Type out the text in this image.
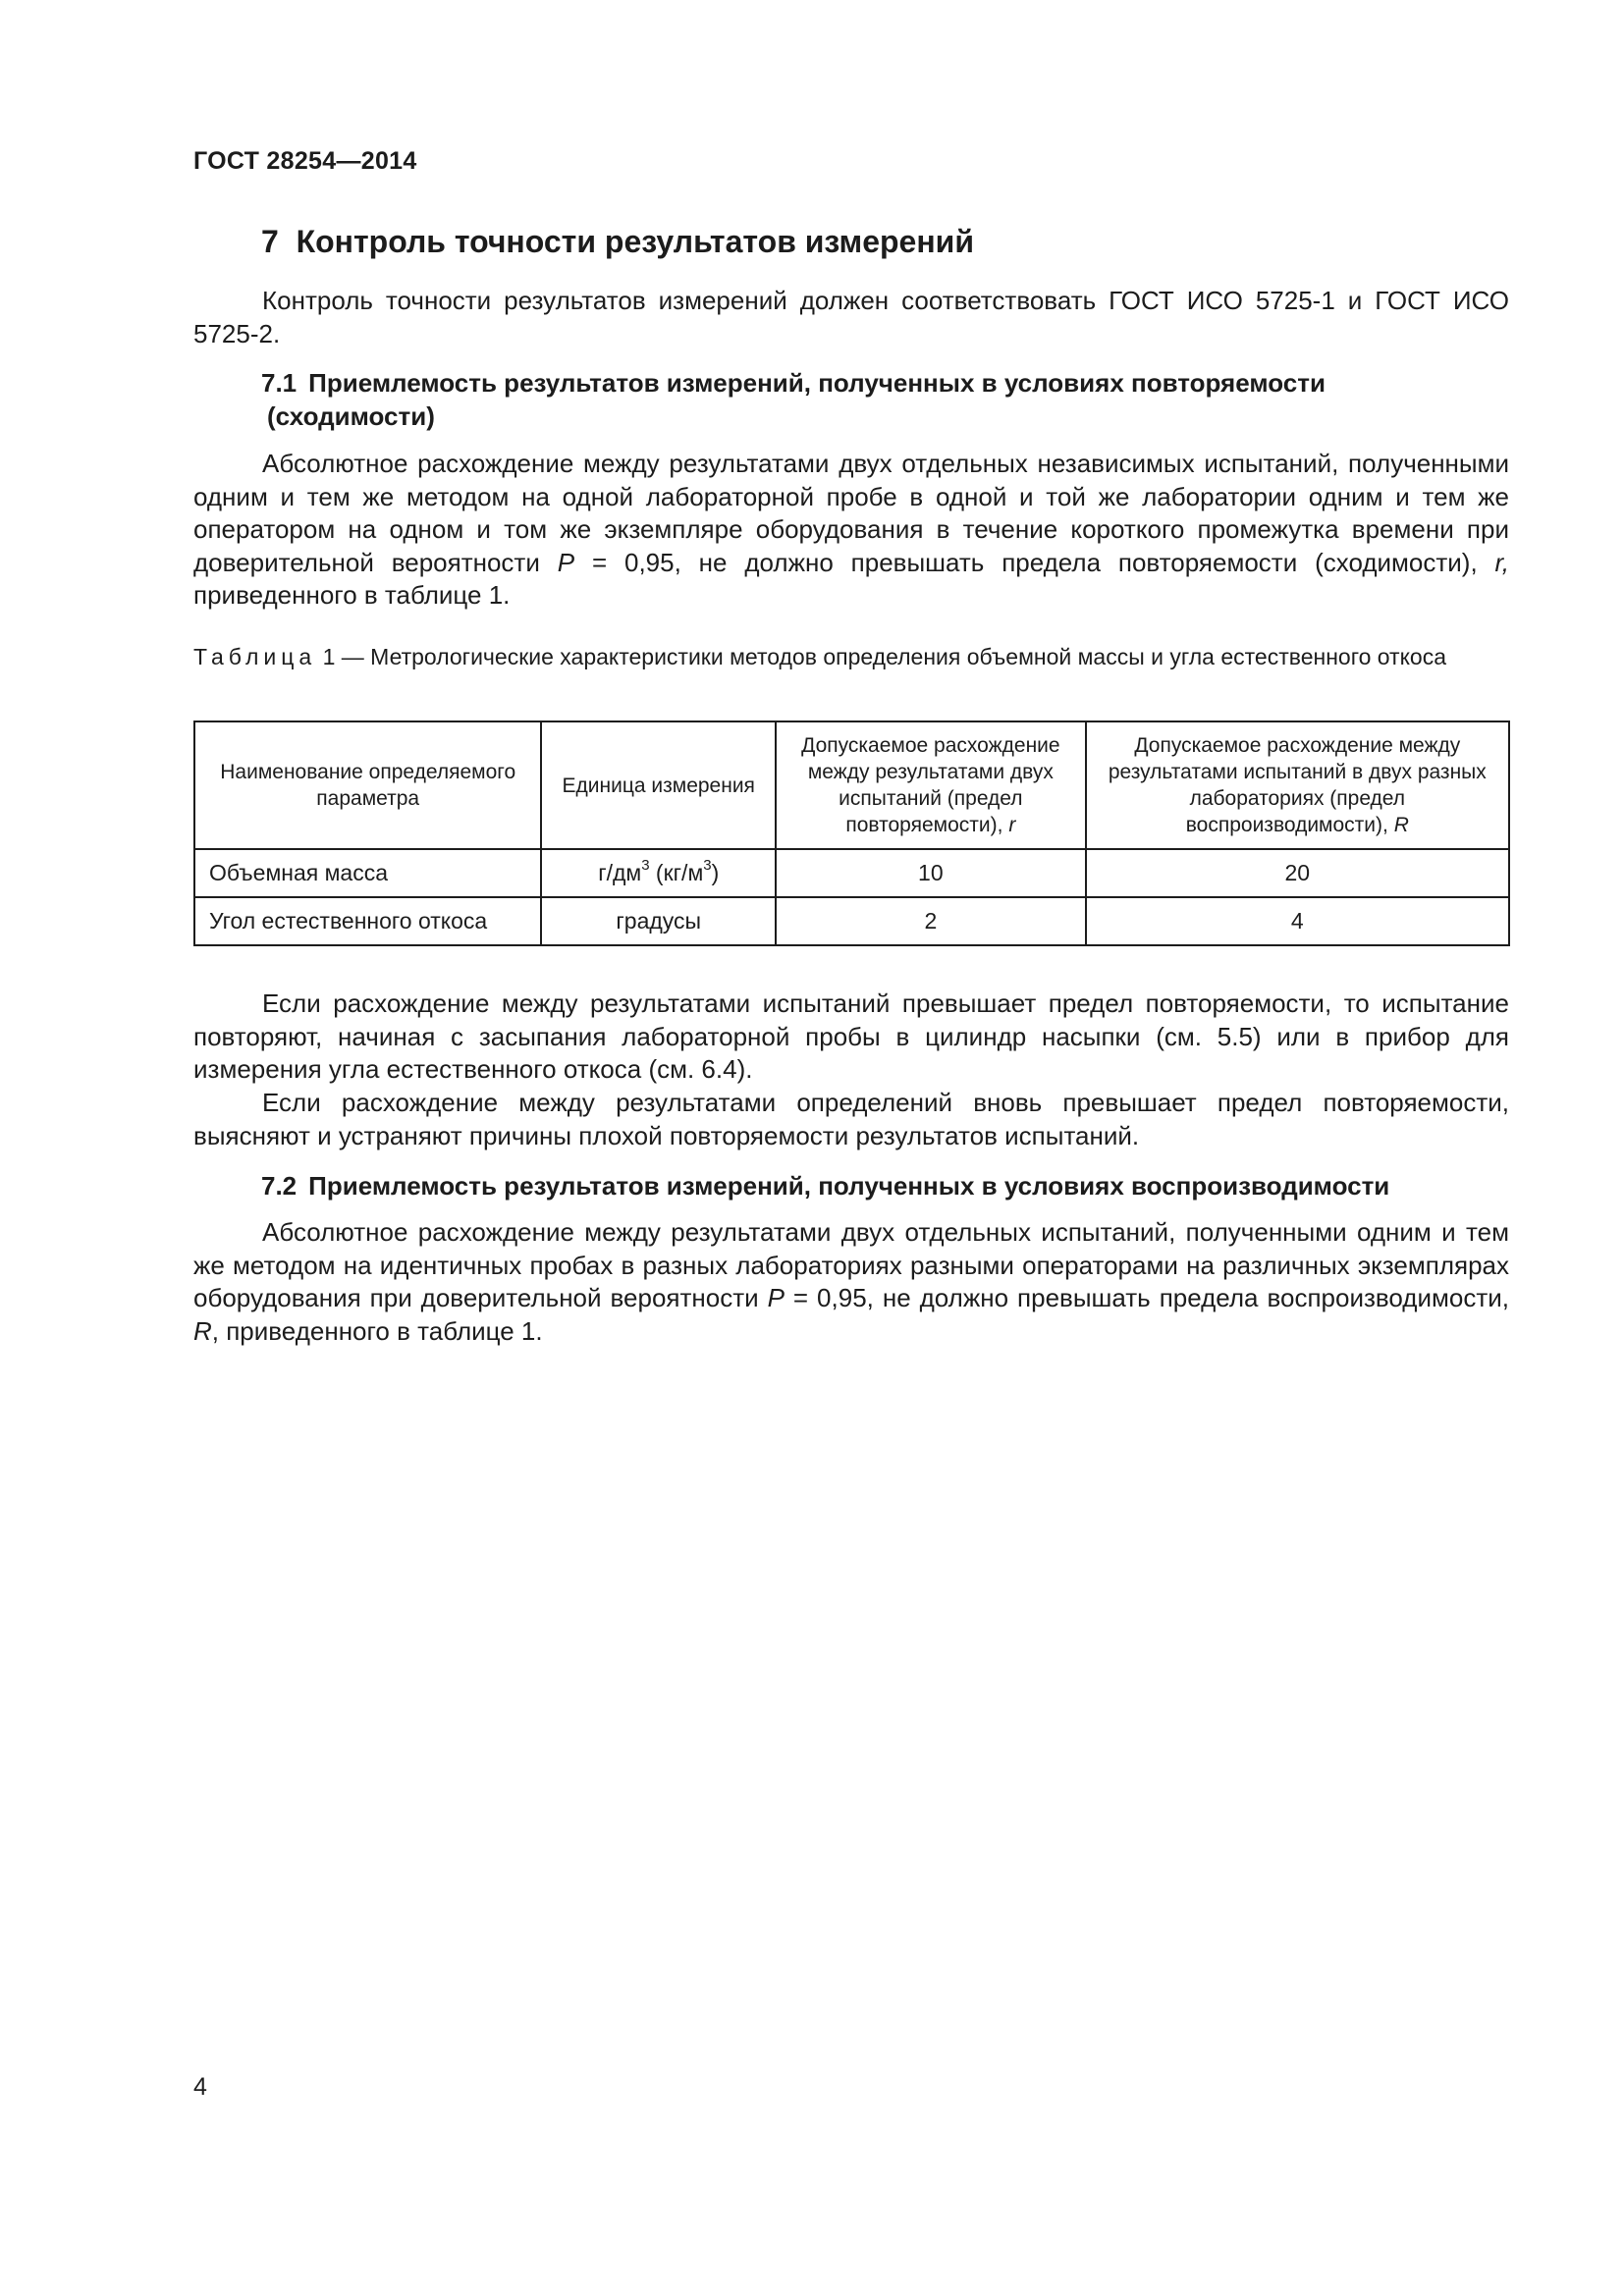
ГОСТ 28254—2014
7 Контроль точности результатов измерений
Контроль точности результатов измерений должен соответствовать ГОСТ ИСО 5725-1 и ГОСТ ИСО 5725-2.
7.1 Приемлемость результатов измерений, полученных в условиях повторяемости
(сходимости)
Абсолютное расхождение между результатами двух отдельных независимых испытаний, полученными одним и тем же методом на одной лабораторной пробе в одной и той же лаборатории одним и тем же оператором на одном и том же экземпляре оборудования в течение короткого промежутка времени при доверительной вероятности P = 0,95, не должно превышать предела повторяемости (сходимости), r, приведенного в таблице 1.
Таблица 1 — Метрологические характеристики методов определения объемной массы и угла естественного откоса
Наименование определяемого параметра	Единица измерения	Допускаемое расхождение между результатами двух испытаний (предел повторяемости), r	Допускаемое расхождение между результатами испытаний в двух разных лабораториях (предел воспроизводимости), R
Объемная масса	$г/дм^3$ $(кг/м^3)$	10	20
Угол естественного откоса	градусы	2	4
Если расхождение между результатами испытаний превышает предел повторяемости, то испытание повторяют, начиная с засыпания лабораторной пробы в цилиндр насыпки (см. 5.5) или в прибор для измерения угла естественного откоса (см. 6.4).
Если расхождение между результатами определений вновь превышает предел повторяемости, выясняют и устраняют причины плохой повторяемости результатов испытаний.
7.2 Приемлемость результатов измерений, полученных в условиях воспроизводимости
Абсолютное расхождение между результатами двух отдельных испытаний, полученными одним и тем же методом на идентичных пробах в разных лабораториях разными операторами на различных экземплярах оборудования при доверительной вероятности P = 0,95, не должно превышать предела воспроизводимости, R, приведенного в таблице 1.
4
